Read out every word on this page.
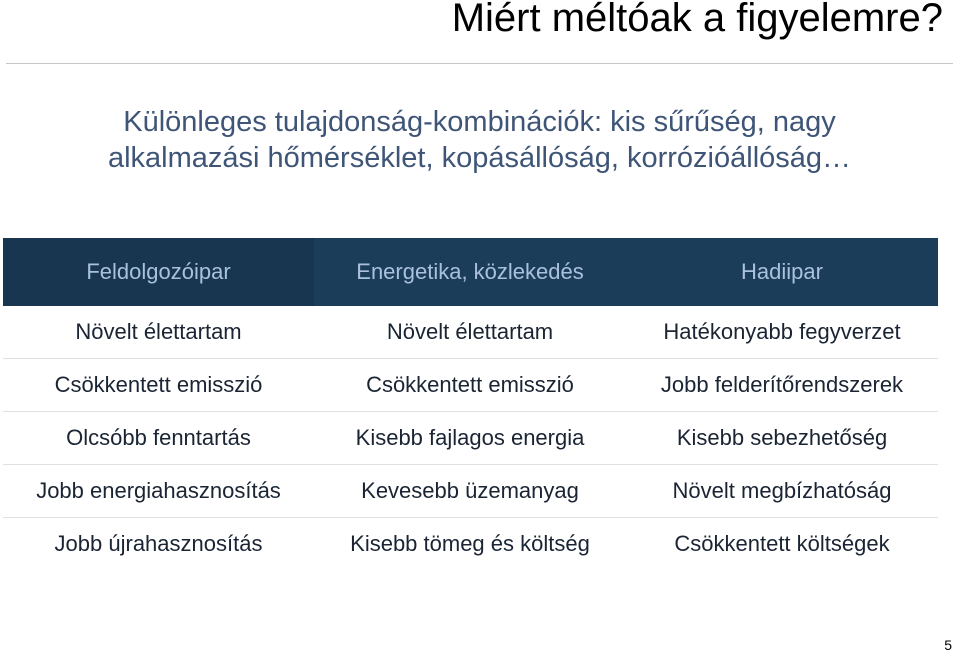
Miért méltóak a figyelemre?
Különleges tulajdonság-kombinációk: kis sűrűség, nagy
alkalmazási hőmérséklet, kopásállóság, korrózióállóság…
Feldolgozóipar	Energetika, közlekedés	Hadiipar
Növelt élettartam	Növelt élettartam	Hatékonyabb fegyverzet
Csökkentett emisszió	Csökkentett emisszió	Jobb felderítőrendszerek
Olcsóbb fenntartás	Kisebb fajlagos energia	Kisebb sebezhetőség
Jobb energiahasznosítás	Kevesebb üzemanyag	Növelt megbízhatóság
Jobb újrahasznosítás	Kisebb tömeg és költség	Csökkentett költségek
5
